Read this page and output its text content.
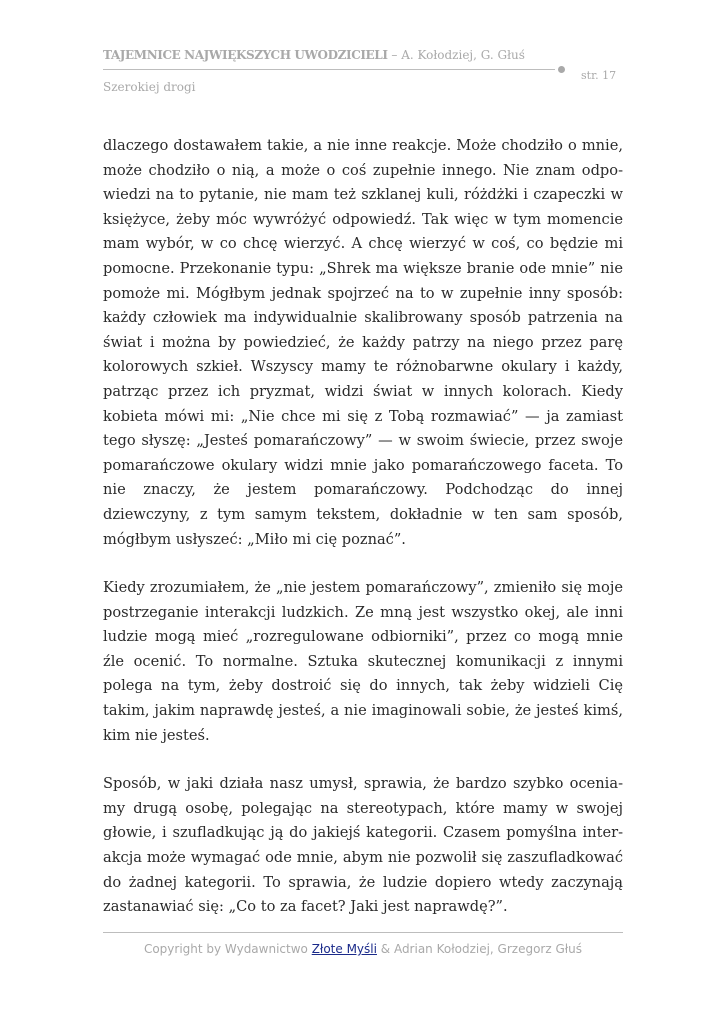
TAJEMNICE NAJWIĘKSZYCH UWODZICIELI – A. Kołodziej, G. Głuś
str. 17
Szerokiej drogi

dlaczego dostawałem takie, a nie inne reakcje. Może chodziło o mnie, może chodziło o nią, a może o coś zupełnie innego. Nie znam odpowiedzi na to pytanie, nie mam też szklanej kuli, różdżki i czapeczki w księżyce, żeby móc wywróżyć odpowiedź. Tak więc w tym momencie mam wybór, w co chcę wierzyć. A chcę wierzyć w coś, co będzie mi pomocne. Przekonanie typu: „Shrek ma większe branie ode mnie” nie pomoże mi. Mógłbym jednak spojrzeć na to w zupełnie inny sposób: każdy człowiek ma indywidualnie skalibrowany sposób patrzenia na świat i można by powiedzieć, że każdy patrzy na niego przez parę kolorowych szkieł. Wszyscy mamy te różnobarwne okulary i każdy, patrząc przez ich pryzmat, widzi świat w innych kolorach. Kiedy kobieta mówi mi: „Nie chce mi się z Tobą rozmawiać” — ja zamiast tego słyszę: „Jesteś pomarańczowy” — w swoim świecie, przez swoje pomarańczowe okulary widzi mnie jako pomarańczowego faceta. To nie znaczy, że jestem pomarańczowy. Podchodząc do innej dziewczyny, z tym samym tekstem, dokładnie w ten sam sposób, mógłbym usłyszeć: „Miło mi cię poznać”.

Kiedy zrozumiałem, że „nie jestem pomarańczowy”, zmieniło się moje postrzeganie interakcji ludzkich. Ze mną jest wszystko okej, ale inni ludzie mogą mieć „rozregulowane odbiorniki”, przez co mogą mnie źle ocenić. To normalne. Sztuka skutecznej komunikacji z innymi polega na tym, żeby dostroić się do innych, tak żeby widzieli Cię takim, jakim naprawdę jesteś, a nie imaginowali sobie, że jesteś kimś, kim nie jesteś.

Sposób, w jaki działa nasz umysł, sprawia, że bardzo szybko oceniamy drugą osobę, polegając na stereotypach, które mamy w swojej głowie, i szufladkując ją do jakiejś kategorii. Czasem pomyślna interakcja może wymagać ode mnie, abym nie pozwolił się zaszufladkować do żadnej kategorii. To sprawia, że ludzie dopiero wtedy zaczynają zastanawiać się: „Co to za facet? Jaki jest naprawdę?”.

Copyright by Wydawnictwo Złote Myśli & Adrian Kołodziej, Grzegorz Głuś
